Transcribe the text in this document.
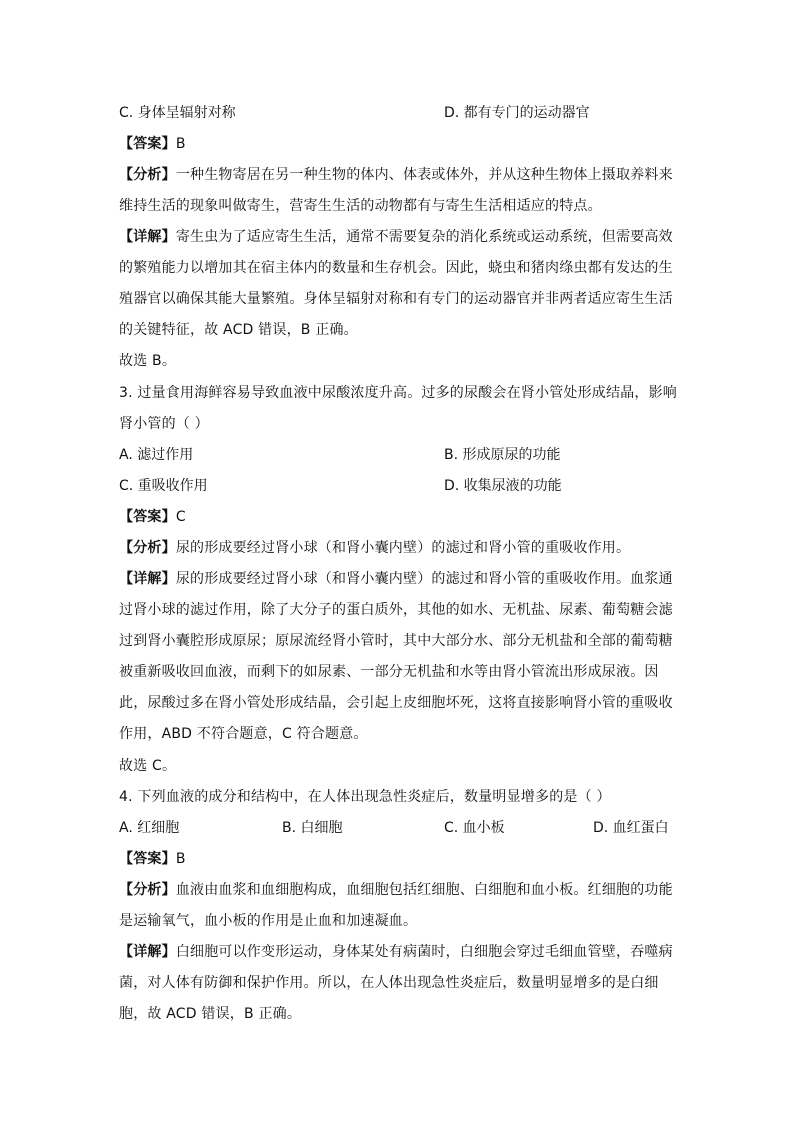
C. 身体呈辐射对称	D. 都有专门的运动器官
【答案】B
【分析】一种生物寄居在另一种生物的体内、体表或体外，并从这种生物体上摄取养料来
维持生活的现象叫做寄生，营寄生生活的动物都有与寄生生活相适应的特点。
【详解】寄生虫为了适应寄生生活，通常不需要复杂的消化系统或运动系统，但需要高效
的繁殖能力以增加其在宿主体内的数量和生存机会。因此，蛲虫和猪肉绦虫都有发达的生
殖器官以确保其能大量繁殖。身体呈辐射对称和有专门的运动器官并非两者适应寄生生活
的关键特征，故 ACD 错误，B 正确。
故选 B。
3. 过量食用海鲜容易导致血液中尿酸浓度升高。过多的尿酸会在肾小管处形成结晶，影响
肾小管的（ ）
A. 滤过作用	B. 形成原尿的功能
C. 重吸收作用	D. 收集尿液的功能
【答案】C
【分析】尿的形成要经过肾小球（和肾小囊内壁）的滤过和肾小管的重吸收作用。
【详解】尿的形成要经过肾小球（和肾小囊内壁）的滤过和肾小管的重吸收作用。血浆通
过肾小球的滤过作用，除了大分子的蛋白质外，其他的如水、无机盐、尿素、葡萄糖会滤
过到肾小囊腔形成原尿；原尿流经肾小管时，其中大部分水、部分无机盐和全部的葡萄糖
被重新吸收回血液，而剩下的如尿素、一部分无机盐和水等由肾小管流出形成尿液。因
此，尿酸过多在肾小管处形成结晶，会引起上皮细胞坏死，这将直接影响肾小管的重吸收
作用，ABD 不符合题意，C 符合题意。
故选 C。
4. 下列血液的成分和结构中，在人体出现急性炎症后，数量明显增多的是（ ）
A. 红细胞	B. 白细胞	C. 血小板	D. 血红蛋白
【答案】B
【分析】血液由血浆和血细胞构成，血细胞包括红细胞、白细胞和血小板。红细胞的功能
是运输氧气，血小板的作用是止血和加速凝血。
【详解】白细胞可以作变形运动，身体某处有病菌时，白细胞会穿过毛细血管壁，吞噬病
菌，对人体有防御和保护作用。所以，在人体出现急性炎症后，数量明显增多的是白细
胞，故 ACD 错误，B 正确。
